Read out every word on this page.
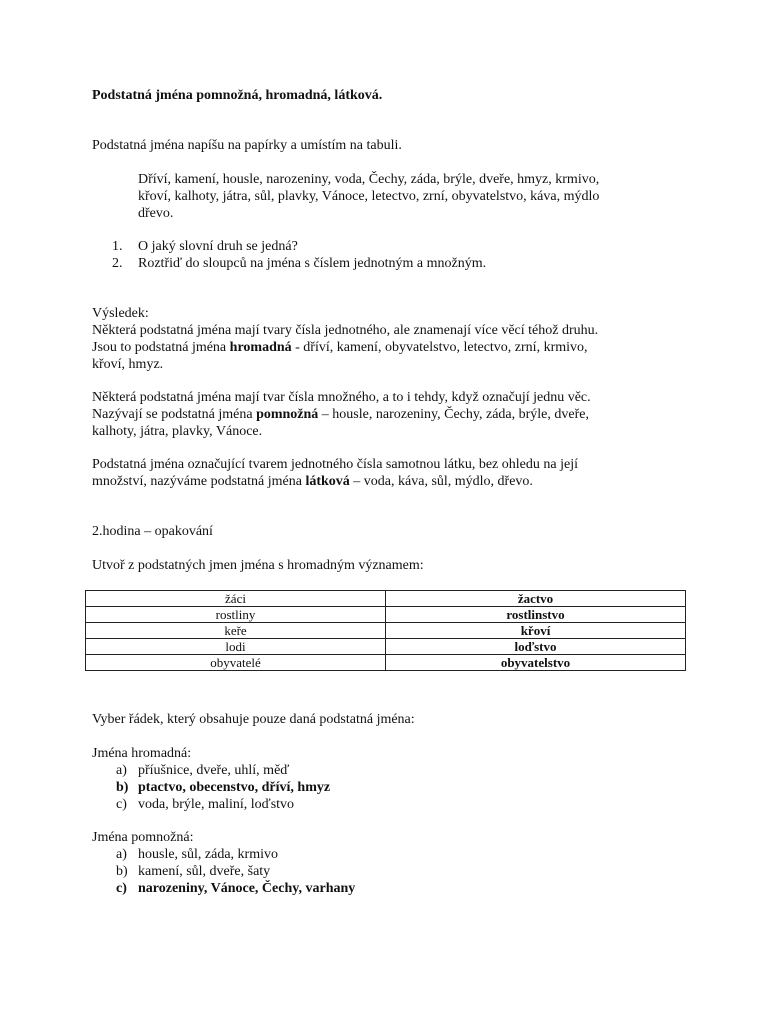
Podstatná jména pomnožná, hromadná, látková.
Podstatná jména napíšu na papírky a umístím na tabuli.
Dříví, kamení, housle, narozeniny, voda, Čechy, záda, brýle, dveře, hmyz, krmivo,
křoví, kalhoty, játra, sůl, plavky, Vánoce, letectvo, zrní, obyvatelstvo, káva, mýdlo
dřevo.
1.	O jaký slovní druh se jedná?
2.	Roztřiď do sloupců na jména s číslem jednotným a množným.
Výsledek:
Některá podstatná jména mají tvary čísla jednotného, ale znamenají více věcí téhož druhu.
Jsou to podstatná jména hromadná - dříví, kamení, obyvatelstvo, letectvo, zrní, krmivo,
křoví, hmyz.
Některá podstatná jména mají tvar čísla množného, a to i tehdy, když označují jednu věc.
Nazývají se podstatná jména pomnožná – housle, narozeniny, Čechy, záda, brýle, dveře,
kalhoty, játra, plavky, Vánoce.
Podstatná jména označující tvarem jednotného čísla samotnou látku, bez ohledu na její
množství, nazýváme podstatná jména látková – voda, káva, sůl, mýdlo, dřevo.
2.hodina – opakování
Utvoř z podstatných jmen jména s hromadným významem:
žáci	žactvo
rostliny	rostlinstvo
keře	křoví
lodi	loďstvo
obyvatelé	obyvatelstvo
Vyber řádek, který obsahuje pouze daná podstatná jména:
Jména hromadná:
a) příušnice, dveře, uhlí, měď
b) ptactvo, obecenstvo, dříví, hmyz
c) voda, brýle, maliní, loďstvo
Jména pomnožná:
a) housle, sůl, záda, krmivo
b) kamení, sůl, dveře, šaty
c) narozeniny, Vánoce, Čechy, varhany
